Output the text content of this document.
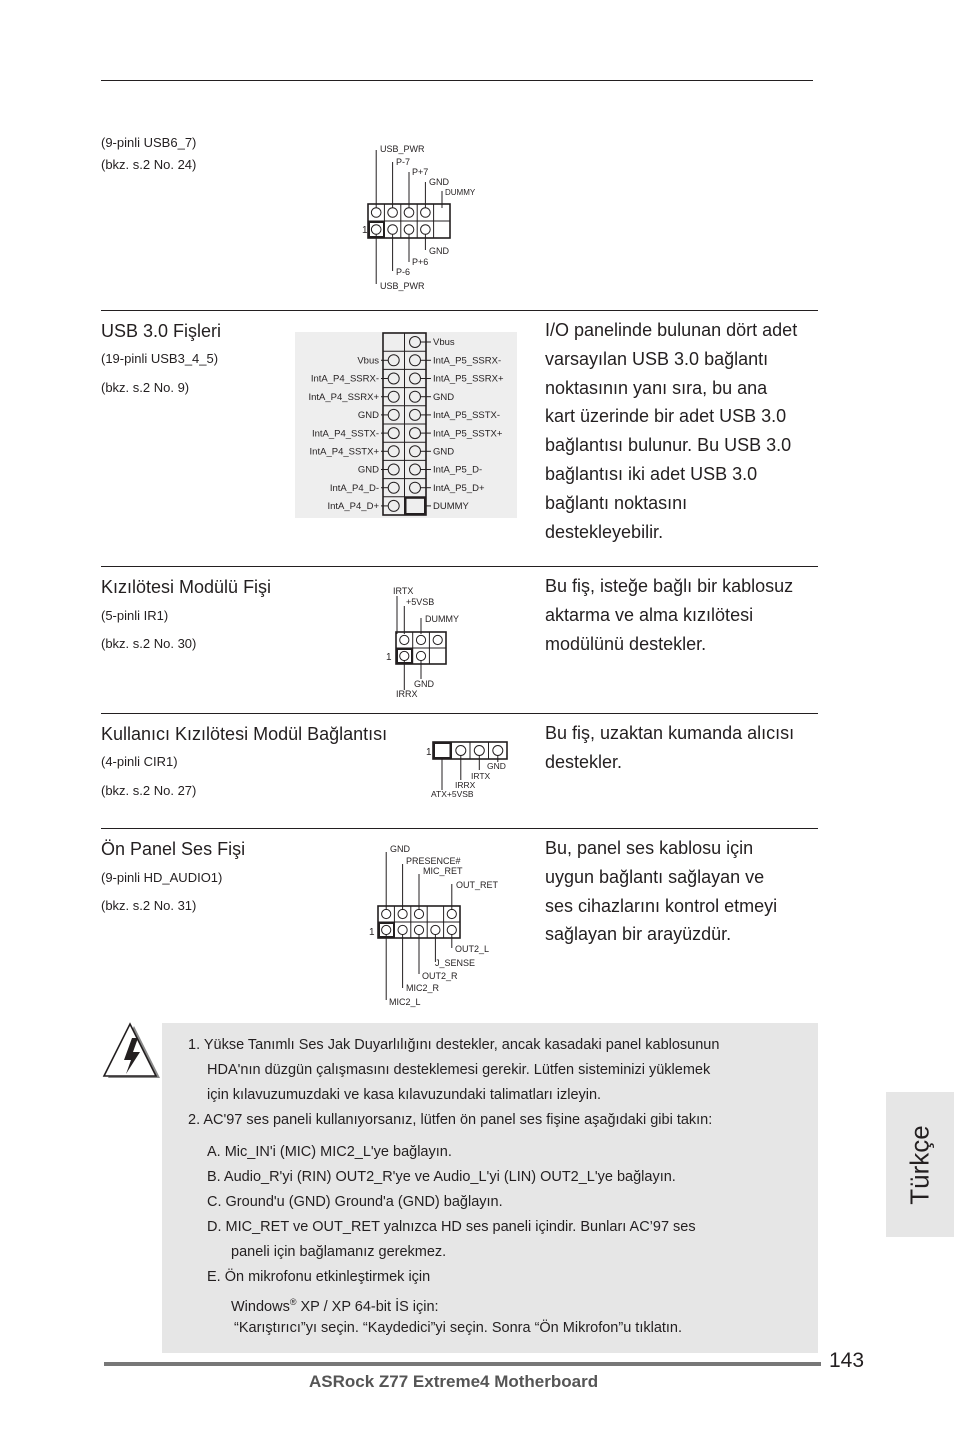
(9-pinli USB6_7)
(bkz. s.2 No. 24)
1
USB_PWR
P-7
P+7
GND
DUMMY
GND
P+6
P-6
USB_PWR
USB 3.0 Fişleri
(19-pinli USB3_4_5)
(bkz. s.2 No. 9)
Vbus
IntA_P4_SSRX-
IntA_P4_SSRX+
GND
IntA_P4_SSTX-
IntA_P4_SSTX+
GND
IntA_P4_D-
IntA_P4_D+
Vbus
IntA_P5_SSRX-
IntA_P5_SSRX+
GND
IntA_P5_SSTX-
IntA_P5_SSTX+
GND
IntA_P5_D-
IntA_P5_D+
DUMMY
I/O panelinde bulunan dört adet
varsayılan USB 3.0 bağlantı
noktasının yanı sıra, bu ana
kart üzerinde bir adet USB 3.0
bağlantısı bulunur. Bu USB 3.0
bağlantısı iki adet USB 3.0
bağlantı noktasını
destekleyebilir.
Kızılötesi Modülü Fişi
(5-pinli IR1)
(bkz. s.2 No. 30)
1
IRTX
+5VSB
DUMMY
GND
IRRX
Bu fiş, isteğe bağlı bir kablosuz
aktarma ve alma kızılötesi
modülünü destekler.
Kullanıcı Kızılötesi Modül Bağlantısı
(4-pinli CIR1)
(bkz. s.2 No. 27)
1
GND
IRTX
IRRX
ATX+5VSB
Bu fiş, uzaktan kumanda alıcısı
destekler.
Ön Panel Ses Fişi
(9-pinli HD_AUDIO1)
(bkz. s.2 No. 31)
1
GND
PRESENCE#
MIC_RET
OUT_RET
OUT2_L
J_SENSE
OUT2_R
MIC2_R
MIC2_L
Bu, panel ses kablosu için
uygun bağlantı sağlayan ve
ses cihazlarını kontrol etmeyi
sağlayan bir arayüzdür.
1. Yükse Tanımlı Ses Jak Duyarlılığını destekler, ancak kasadaki panel kablosunun
HDA'nın düzgün çalışmasını desteklemesi gerekir. Lütfen sisteminizi yüklemek
için kılavuzumuzdaki ve kasa kılavuzundaki talimatları izleyin.
2. AC'97 ses paneli kullanıyorsanız, lütfen ön panel ses fişine aşağıdaki gibi takın:
A. Mic_IN'i (MIC) MIC2_L'ye bağlayın.
B. Audio_R'yi (RIN) OUT2_R'ye ve Audio_L'yi (LIN) OUT2_L'ye bağlayın.
C. Ground'u (GND) Ground'a (GND) bağlayın.
D. MIC_RET ve OUT_RET yalnızca HD ses paneli içindir. Bunları AC’97 ses
paneli için bağlamanız gerekmez.
E. Ön mikrofonu etkinleştirmek için
Windows® XP / XP 64-bit İS için:
“Karıştırıcı”yı seçin. “Kaydedici”yi seçin. Sonra “Ön Mikrofon”u tıklatın.
Türkçe
143
ASRock Z77 Extreme4 Motherboard
